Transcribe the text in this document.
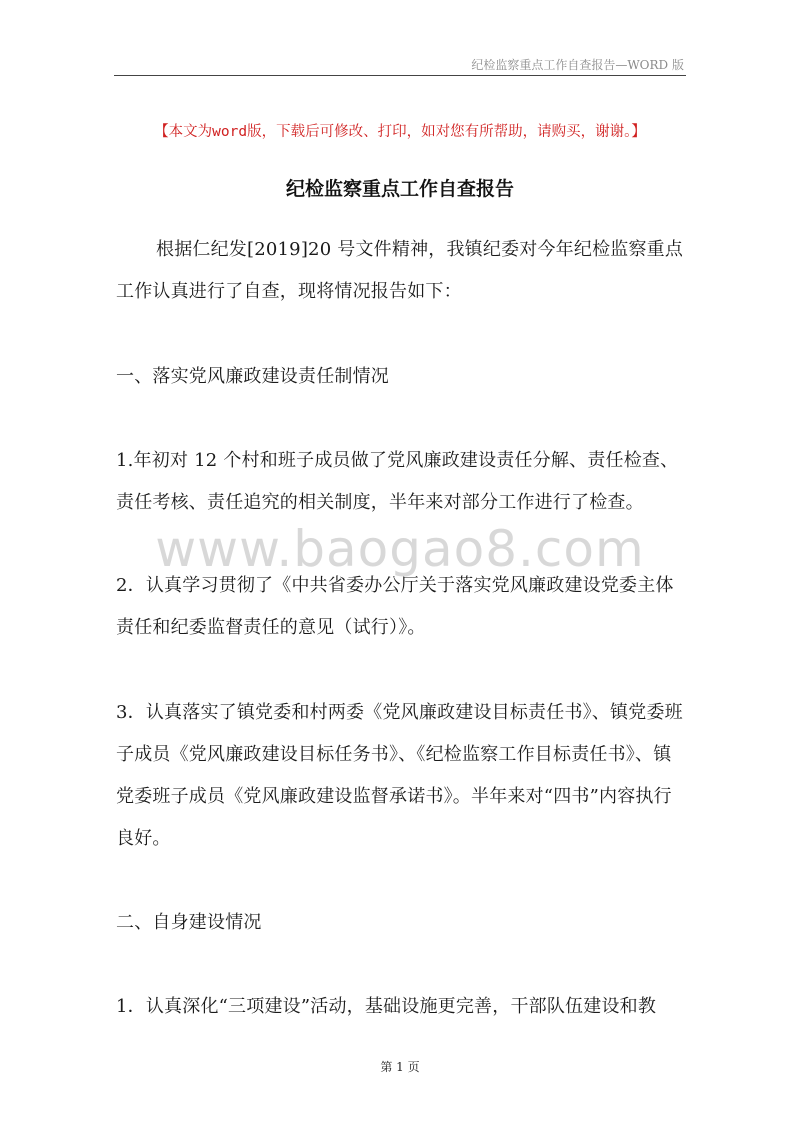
纪检监察重点工作自查报告—WORD 版
【本文为word版，下载后可修改、打印，如对您有所帮助，请购买，谢谢。】
纪检监察重点工作自查报告
根据仁纪发[2019]20 号文件精神，我镇纪委对今年纪检监察重点工作认真进行了自查，现将情况报告如下：
一、落实党风廉政建设责任制情况
1.年初对 12 个村和班子成员做了党风廉政建设责任分解、责任检查、责任考核、责任追究的相关制度，半年来对部分工作进行了检查。
www.baogao8.com
2．认真学习贯彻了《中共省委办公厅关于落实党风廉政建设党委主体责任和纪委监督责任的意见（试行）》。
3．认真落实了镇党委和村两委《党风廉政建设目标责任书》、镇党委班子成员《党风廉政建设目标任务书》、《纪检监察工作目标责任书》、镇党委班子成员《党风廉政建设监督承诺书》。半年来对“四书”内容执行良好。
二、自身建设情况
1．认真深化“三项建设”活动，基础设施更完善，干部队伍建设和教
第 1 页
